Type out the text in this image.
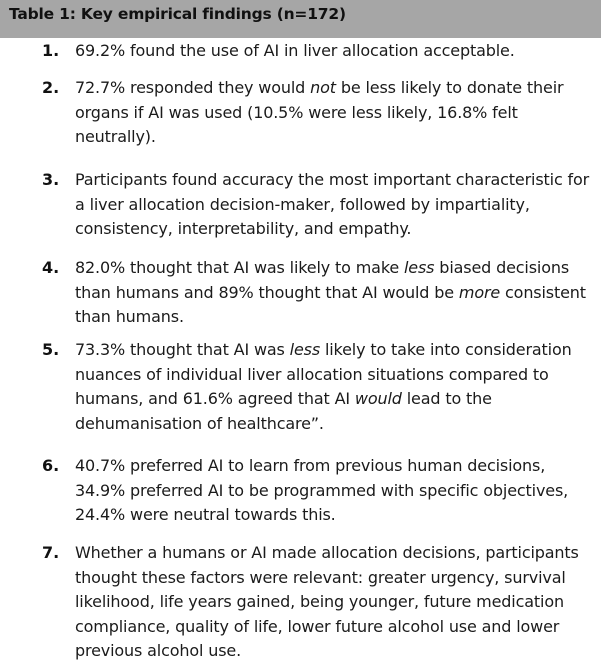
Table 1: Key empirical findings (n=172)
1. 69.2% found the use of AI in liver allocation acceptable.
2. 72.7% responded they would not be less likely to donate their organs if AI was used (10.5% were less likely, 16.8% felt neutrally).
3. Participants found accuracy the most important characteristic for a liver allocation decision-maker, followed by impartiality, consistency, interpretability, and empathy.
4. 82.0% thought that AI was likely to make less biased decisions than humans and 89% thought that AI would be more consistent than humans.
5. 73.3% thought that AI was less likely to take into consideration nuances of individual liver allocation situations compared to humans, and 61.6% agreed that AI would lead to the dehumanisation of healthcare”.
6. 40.7% preferred AI to learn from previous human decisions, 34.9% preferred AI to be programmed with specific objectives, 24.4% were neutral towards this.
7. Whether a humans or AI made allocation decisions, participants thought these factors were relevant: greater urgency, survival likelihood, life years gained, being younger, future medication compliance, quality of life, lower future alcohol use and lower previous alcohol use.
